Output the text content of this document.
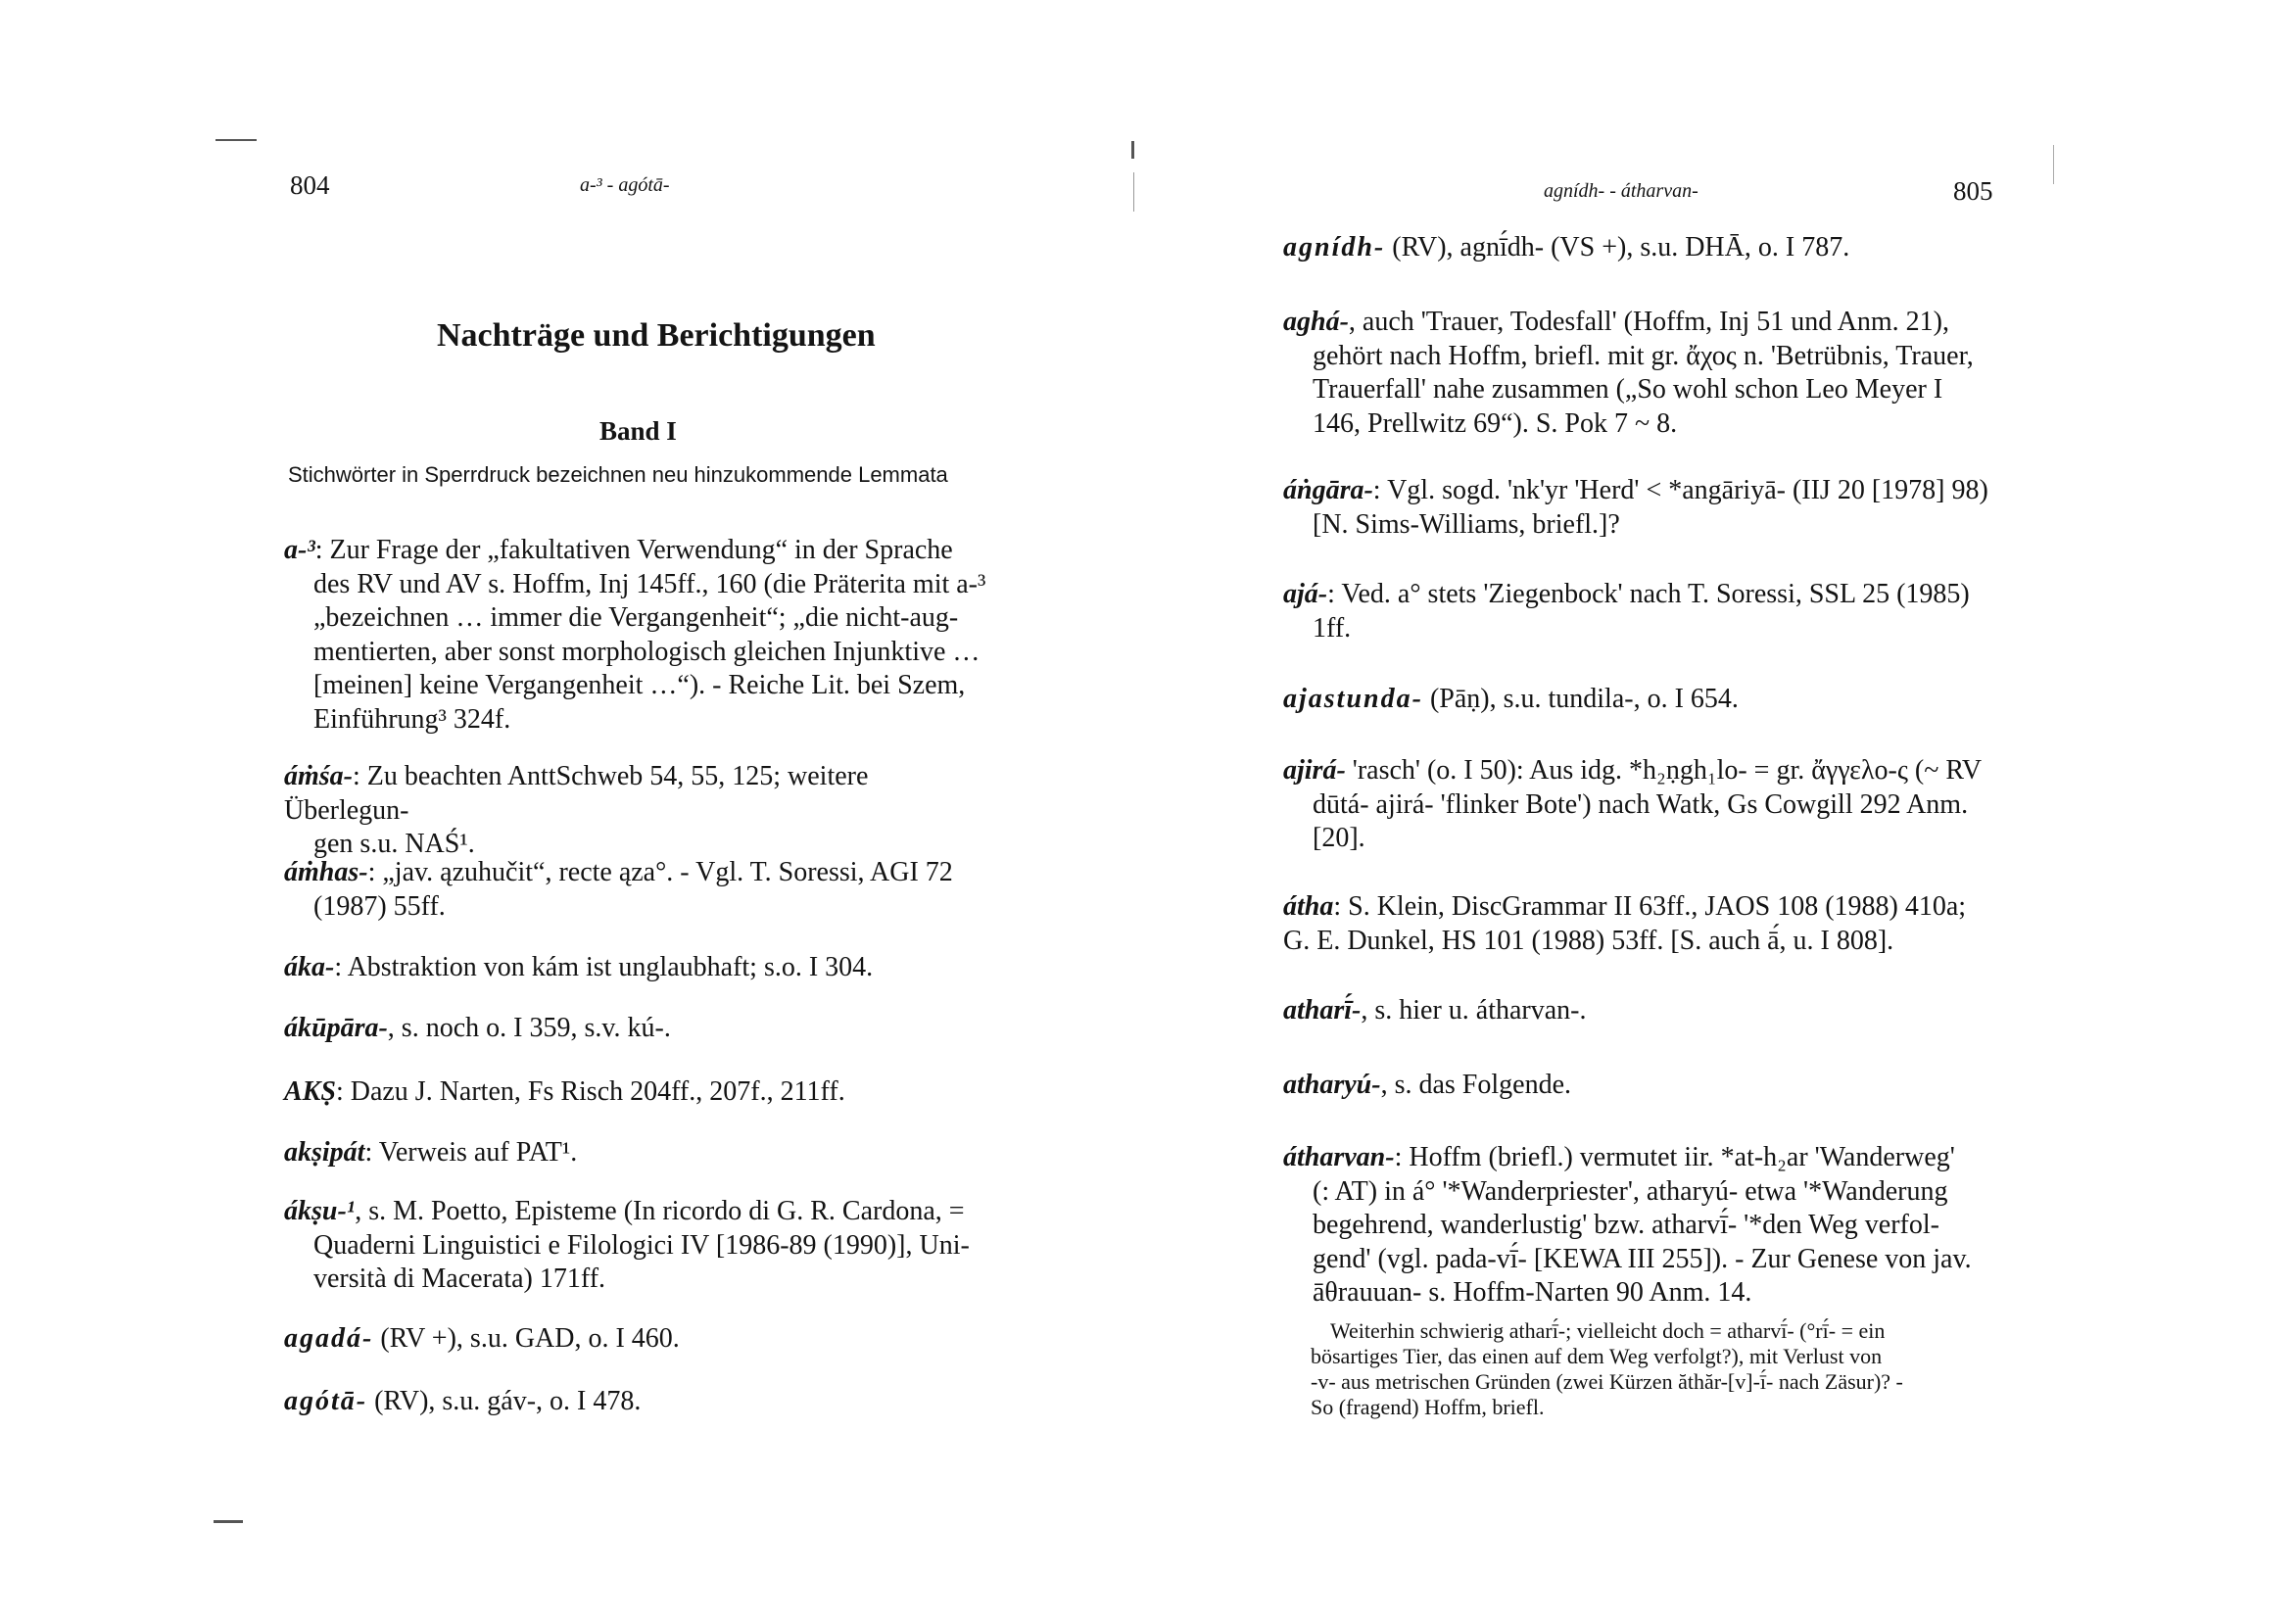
804	a-³ - agótā-
Nachträge und Berichtigungen
Band I
Stichwörter in Sperrdruck bezeichnen neu hinzukommende Lemmata
a-³: Zur Frage der „fakultativen Verwendung“ in der Sprache
des RV und AV s. Hoffm, Inj 145ff., 160 (die Präterita mit a-³
„bezeichnen … immer die Vergangenheit“; „die nicht-aug-
mentierten, aber sonst morphologisch gleichen Injunktive …
[meinen] keine Vergangenheit …“). - Reiche Lit. bei Szem,
Einführung³ 324f.
áṁśa-: Zu beachten AnttSchweb 54, 55, 125; weitere Überlegun-
gen s.u. NAŚ¹.
áṁhas-: „jav. ązuhučit“, recte ąza°. - Vgl. T. Soressi, AGI 72
(1987) 55ff.
áka-: Abstraktion von kám ist unglaubhaft; s.o. I 304.
ákūpāra-, s. noch o. I 359, s.v. kú-.
AKṢ: Dazu J. Narten, Fs Risch 204ff., 207f., 211ff.
akṣipát: Verweis auf PAT¹.
ákṣu-¹, s. M. Poetto, Episteme (In ricordo di G. R. Cardona, =
Quaderni Linguistici e Filologici IV [1986-89 (1990)], Uni-
versità di Macerata) 171ff.
agadá- (RV +), s.u. GAD, o. I 460.
agótā- (RV), s.u. gáv-, o. I 478.
agnídh- - átharvan-	805
agnídh- (RV), agnī́dh- (VS +), s.u. DHĀ, o. I 787.
aghá-, auch 'Trauer, Todesfall' (Hoffm, Inj 51 und Anm. 21),
gehört nach Hoffm, briefl. mit gr. ἄχος n. 'Betrübnis, Trauer,
Trauerfall' nahe zusammen („So wohl schon Leo Meyer I
146, Prellwitz 69“). S. Pok 7 ~ 8.
áṅgāra-: Vgl. sogd. 'nk'yr 'Herd' < *angāriyā- (IIJ 20 [1978] 98)
[N. Sims-Williams, briefl.]?
ajá-: Ved. a° stets 'Ziegenbock' nach T. Soressi, SSL 25 (1985)
1ff.
ajastunda- (Pāṇ), s.u. tundila-, o. I 654.
ajirá- 'rasch' (o. I 50): Aus idg. *h₂ṇgh₁lo- = gr. ἄγγελο-ς (~ RV
dūtá- ajirá- 'flinker Bote') nach Watk, Gs Cowgill 292 Anm.
[20].
átha: S. Klein, DiscGrammar II 63ff., JAOS 108 (1988) 410a;
G. E. Dunkel, HS 101 (1988) 53ff. [S. auch ā́, u. I 808].
atharī́-, s. hier u. átharvan-.
atharyú-, s. das Folgende.
átharvan-: Hoffm (briefl.) vermutet iir. *at-h₂ar 'Wanderweg'
(: AT) in á° '*Wanderpriester', atharyú- etwa '*Wanderung
begehrend, wanderlustig' bzw. atharvī́- '*den Weg verfol-
gend' (vgl. pada-vī́- [KEWA III 255]). - Zur Genese von jav.
āθrauuan- s. Hoffm-Narten 90 Anm. 14.
Weiterhin schwierig atharī́-; vielleicht doch = atharvī́- (°rī́- = ein
bösartiges Tier, das einen auf dem Weg verfolgt?), mit Verlust von
-v- aus metrischen Gründen (zwei Kürzen ăthăr-[v]-ī́- nach Zäsur)? -
So (fragend) Hoffm, briefl.
